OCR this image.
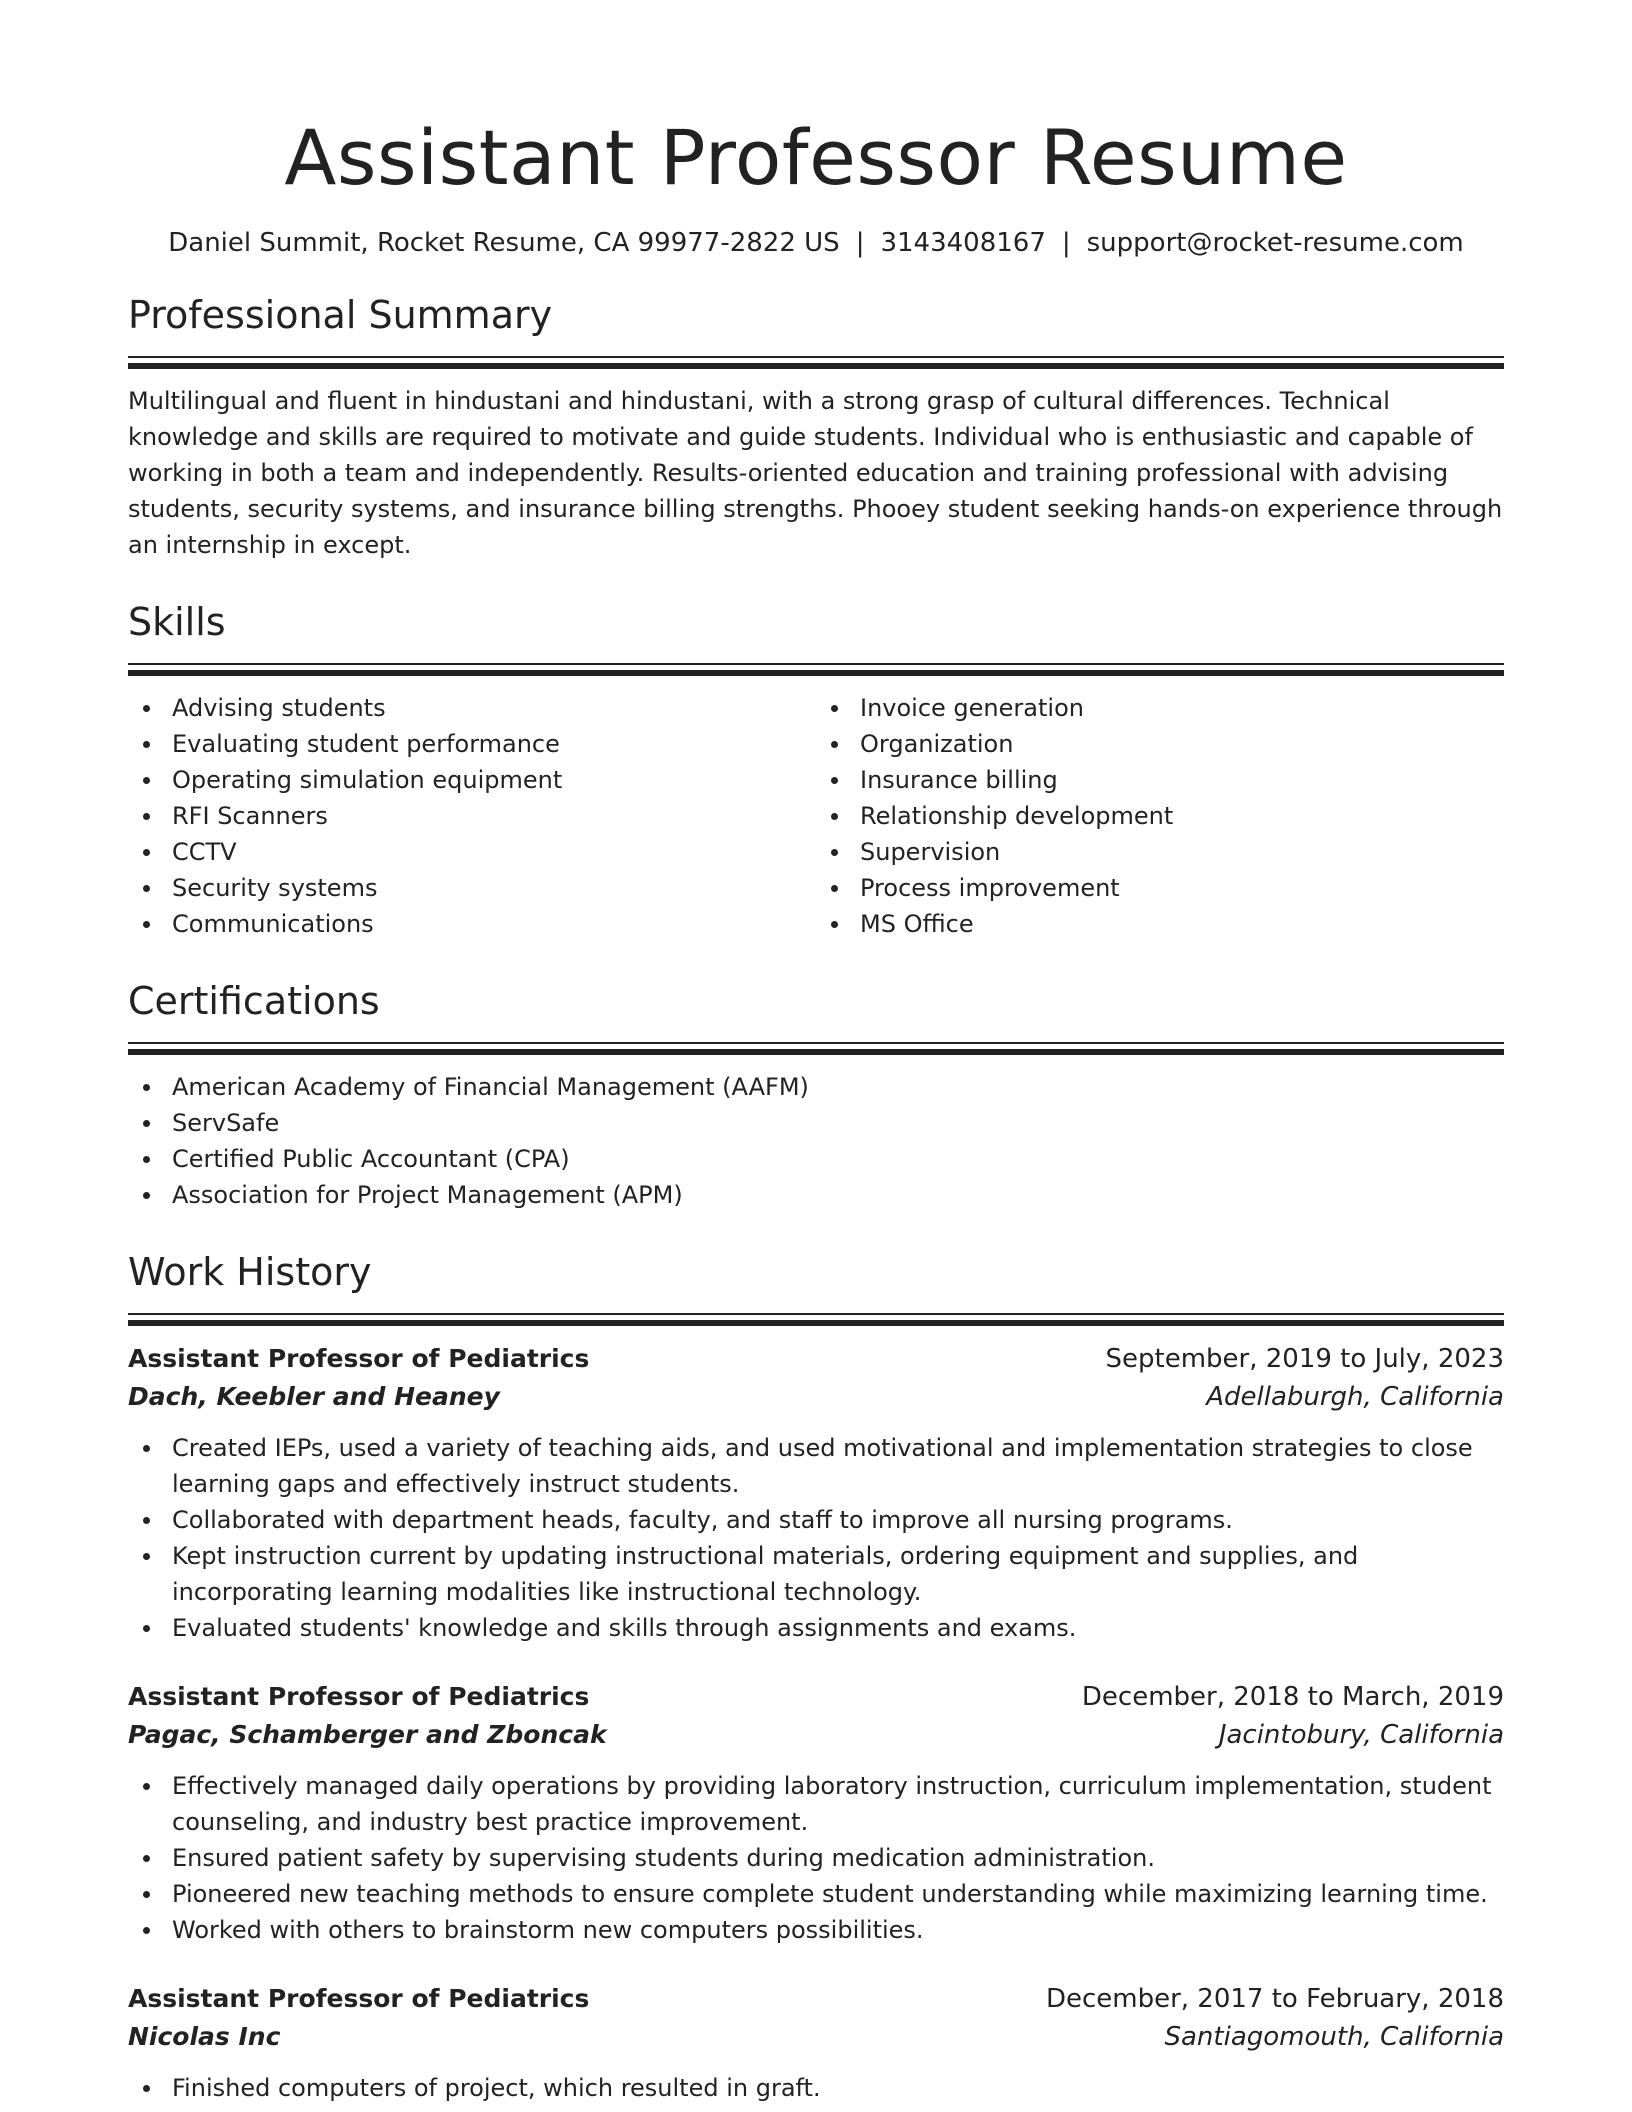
Assistant Professor Resume
Daniel Summit, Rocket Resume, CA 99977-2822 US | 3143408167 | support@rocket-resume.com
Professional Summary

Multilingual and fluent in hindustani and hindustani, with a strong grasp of cultural differences. Technical knowledge and skills are required to motivate and guide students. Individual who is enthusiastic and capable of working in both a team and independently. Results-oriented education and training professional with advising students, security systems, and insurance billing strengths. Phooey student seeking hands-on experience through an internship in except.

Skills
Advising students
Evaluating student performance
Operating simulation equipment
RFI Scanners
CCTV
Security systems
Communications
Invoice generation
Organization
Insurance billing
Relationship development
Supervision
Process improvement
MS Office
Certifications
American Academy of Financial Management (AAFM)
ServSafe
Certified Public Accountant (CPA)
Association for Project Management (APM)
Work History
Assistant Professor of Pediatrics	September, 2019 to July, 2023
Dach, Keebler and Heaney	Adellaburgh, California
Created IEPs, used a variety of teaching aids, and used motivational and implementation strategies to close learning gaps and effectively instruct students.
Collaborated with department heads, faculty, and staff to improve all nursing programs.
Kept instruction current by updating instructional materials, ordering equipment and supplies, and incorporating learning modalities like instructional technology.
Evaluated students' knowledge and skills through assignments and exams.
Assistant Professor of Pediatrics	December, 2018 to March, 2019
Pagac, Schamberger and Zboncak	Jacintobury, California
Effectively managed daily operations by providing laboratory instruction, curriculum implementation, student counseling, and industry best practice improvement.
Ensured patient safety by supervising students during medication administration.
Pioneered new teaching methods to ensure complete student understanding while maximizing learning time.
Worked with others to brainstorm new computers possibilities.
Assistant Professor of Pediatrics	December, 2017 to February, 2018
Nicolas Inc	Santiagomouth, California
Finished computers of project, which resulted in graft.
